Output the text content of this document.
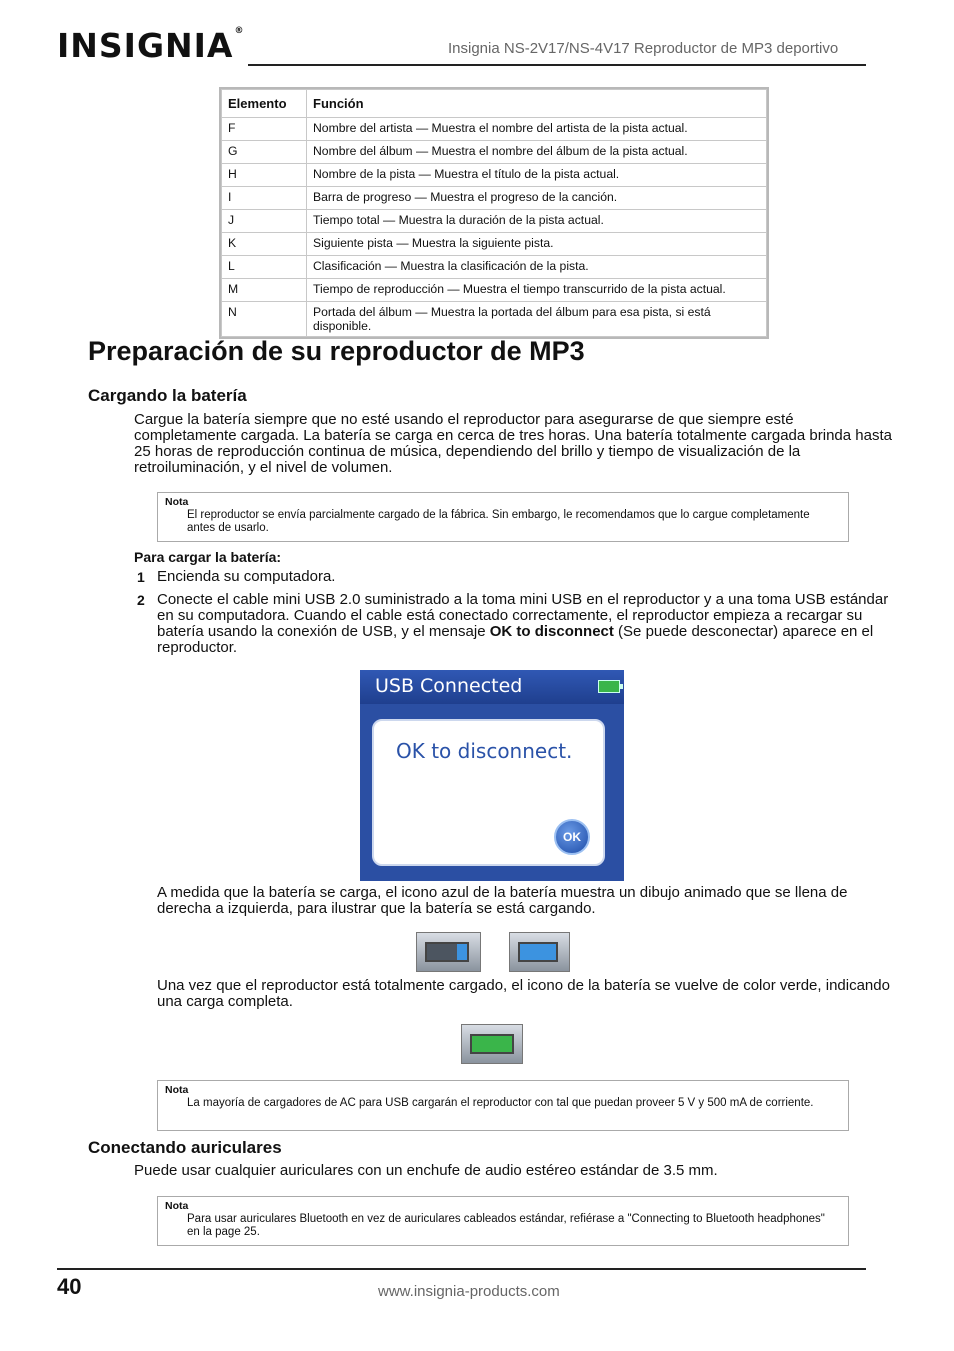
INSIGNIA®
Insignia NS-2V17/NS-4V17 Reproductor de MP3 deportivo
Elemento	Función
F	Nombre del artista — Muestra el nombre del artista de la pista actual.
G	Nombre del álbum — Muestra el nombre del álbum de la pista actual.
H	Nombre de la pista — Muestra el título de la pista actual.
I	Barra de progreso — Muestra el progreso de la canción.
J	Tiempo total — Muestra la duración de la pista actual.
K	Siguiente pista — Muestra la siguiente pista.
L	Clasificación — Muestra la clasificación de la pista.
M	Tiempo de reproducción — Muestra el tiempo transcurrido de la pista actual.
N	Portada del álbum — Muestra la portada del álbum para esa pista, si está disponible.
Preparación de su reproductor de MP3
Cargando la batería
Cargue la batería siempre que no esté usando el reproductor para asegurarse de que siempre esté completamente cargada. La batería se carga en cerca de tres horas. Una batería totalmente cargada brinda hasta 25 horas de reproducción continua de música, dependiendo del brillo y tiempo de visualización de la retroiluminación, y el nivel de volumen.
Nota
El reproductor se envía parcialmente cargado de la fábrica. Sin embargo, le recomendamos que lo cargue completamente antes de usarlo.
Para cargar la batería:
1 Encienda su computadora.
2 Conecte el cable mini USB 2.0 suministrado a la toma mini USB en el reproductor y a una toma USB estándar en su computadora. Cuando el cable está conectado correctamente, el reproductor empieza a recargar su batería usando la conexión de USB, y el mensaje OK to disconnect (Se puede desconectar) aparece en el reproductor.
USB Connected
OK to disconnect.
OK
A medida que la batería se carga, el icono azul de la batería muestra un dibujo animado que se llena de derecha a izquierda, para ilustrar que la batería se está cargando.
Una vez que el reproductor está totalmente cargado, el icono de la batería se vuelve de color verde, indicando una carga completa.
Nota
La mayoría de cargadores de AC para USB cargarán el reproductor con tal que puedan proveer 5 V y 500 mA de corriente.
Conectando auriculares
Puede usar cualquier auriculares con un enchufe de audio estéreo estándar de 3.5 mm.
Nota
Para usar auriculares Bluetooth en vez de auriculares cableados estándar, refiérase a "Connecting to Bluetooth headphones" en la page 25.
40	www.insignia-products.com
